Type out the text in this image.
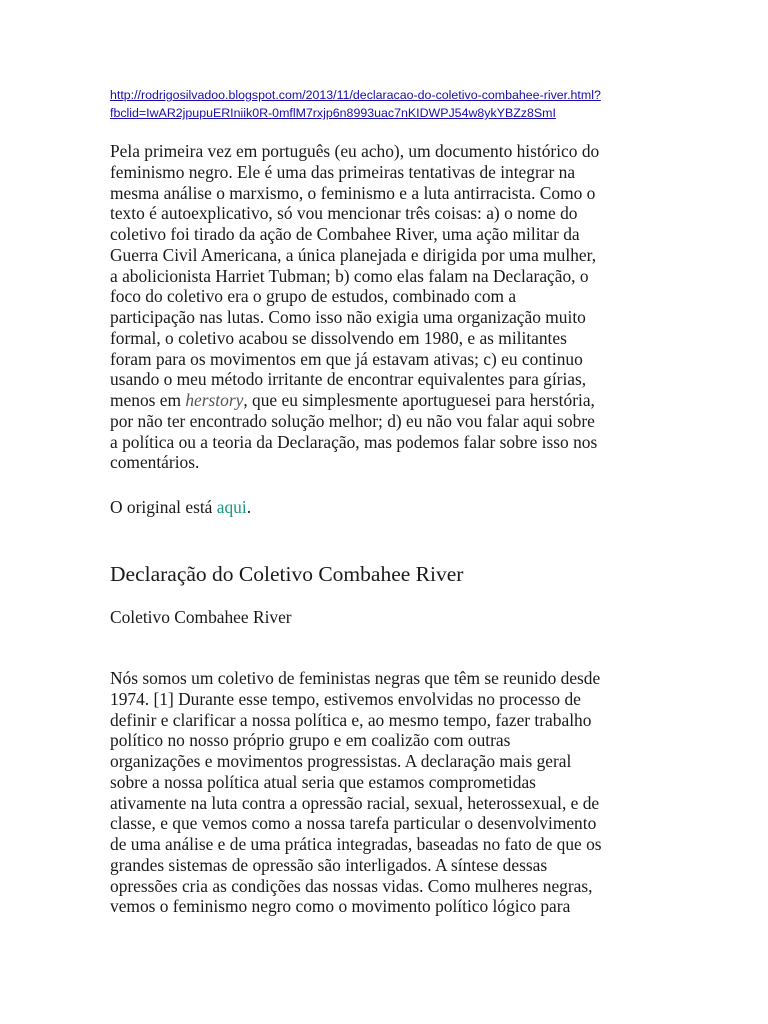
http://rodrigosilvadoo.blogspot.com/2013/11/declaracao-do-coletivo-combahee-river.html?
fbclid=IwAR2jpupuERIniik0R-0mflM7rxjp6n8993uac7nKIDWPJ54w8ykYBZz8SmI

Pela primeira vez em português (eu acho), um documento histórico do
feminismo negro. Ele é uma das primeiras tentativas de integrar na
mesma análise o marxismo, o feminismo e a luta antirracista. Como o
texto é autoexplicativo, só vou mencionar três coisas: a) o nome do
coletivo foi tirado da ação de Combahee River, uma ação militar da
Guerra Civil Americana, a única planejada e dirigida por uma mulher,
a abolicionista Harriet Tubman; b) como elas falam na Declaração, o
foco do coletivo era o grupo de estudos, combinado com a
participação nas lutas. Como isso não exigia uma organização muito
formal, o coletivo acabou se dissolvendo em 1980, e as militantes
foram para os movimentos em que já estavam ativas; c) eu continuo
usando o meu método irritante de encontrar equivalentes para gírias,
menos em herstory, que eu simplesmente aportuguesei para herstória,
por não ter encontrado solução melhor; d) eu não vou falar aqui sobre
a política ou a teoria da Declaração, mas podemos falar sobre isso nos
comentários.

O original está aqui.

Declaração do Coletivo Combahee River

Coletivo Combahee River

Nós somos um coletivo de feministas negras que têm se reunido desde
1974. [1] Durante esse tempo, estivemos envolvidas no processo de
definir e clarificar a nossa política e, ao mesmo tempo, fazer trabalho
político no nosso próprio grupo e em coalizão com outras
organizações e movimentos progressistas. A declaração mais geral
sobre a nossa política atual seria que estamos comprometidas
ativamente na luta contra a opressão racial, sexual, heterossexual, e de
classe, e que vemos como a nossa tarefa particular o desenvolvimento
de uma análise e de uma prática integradas, baseadas no fato de que os
grandes sistemas de opressão são interligados. A síntese dessas
opressões cria as condições das nossas vidas. Como mulheres negras,
vemos o feminismo negro como o movimento político lógico para
